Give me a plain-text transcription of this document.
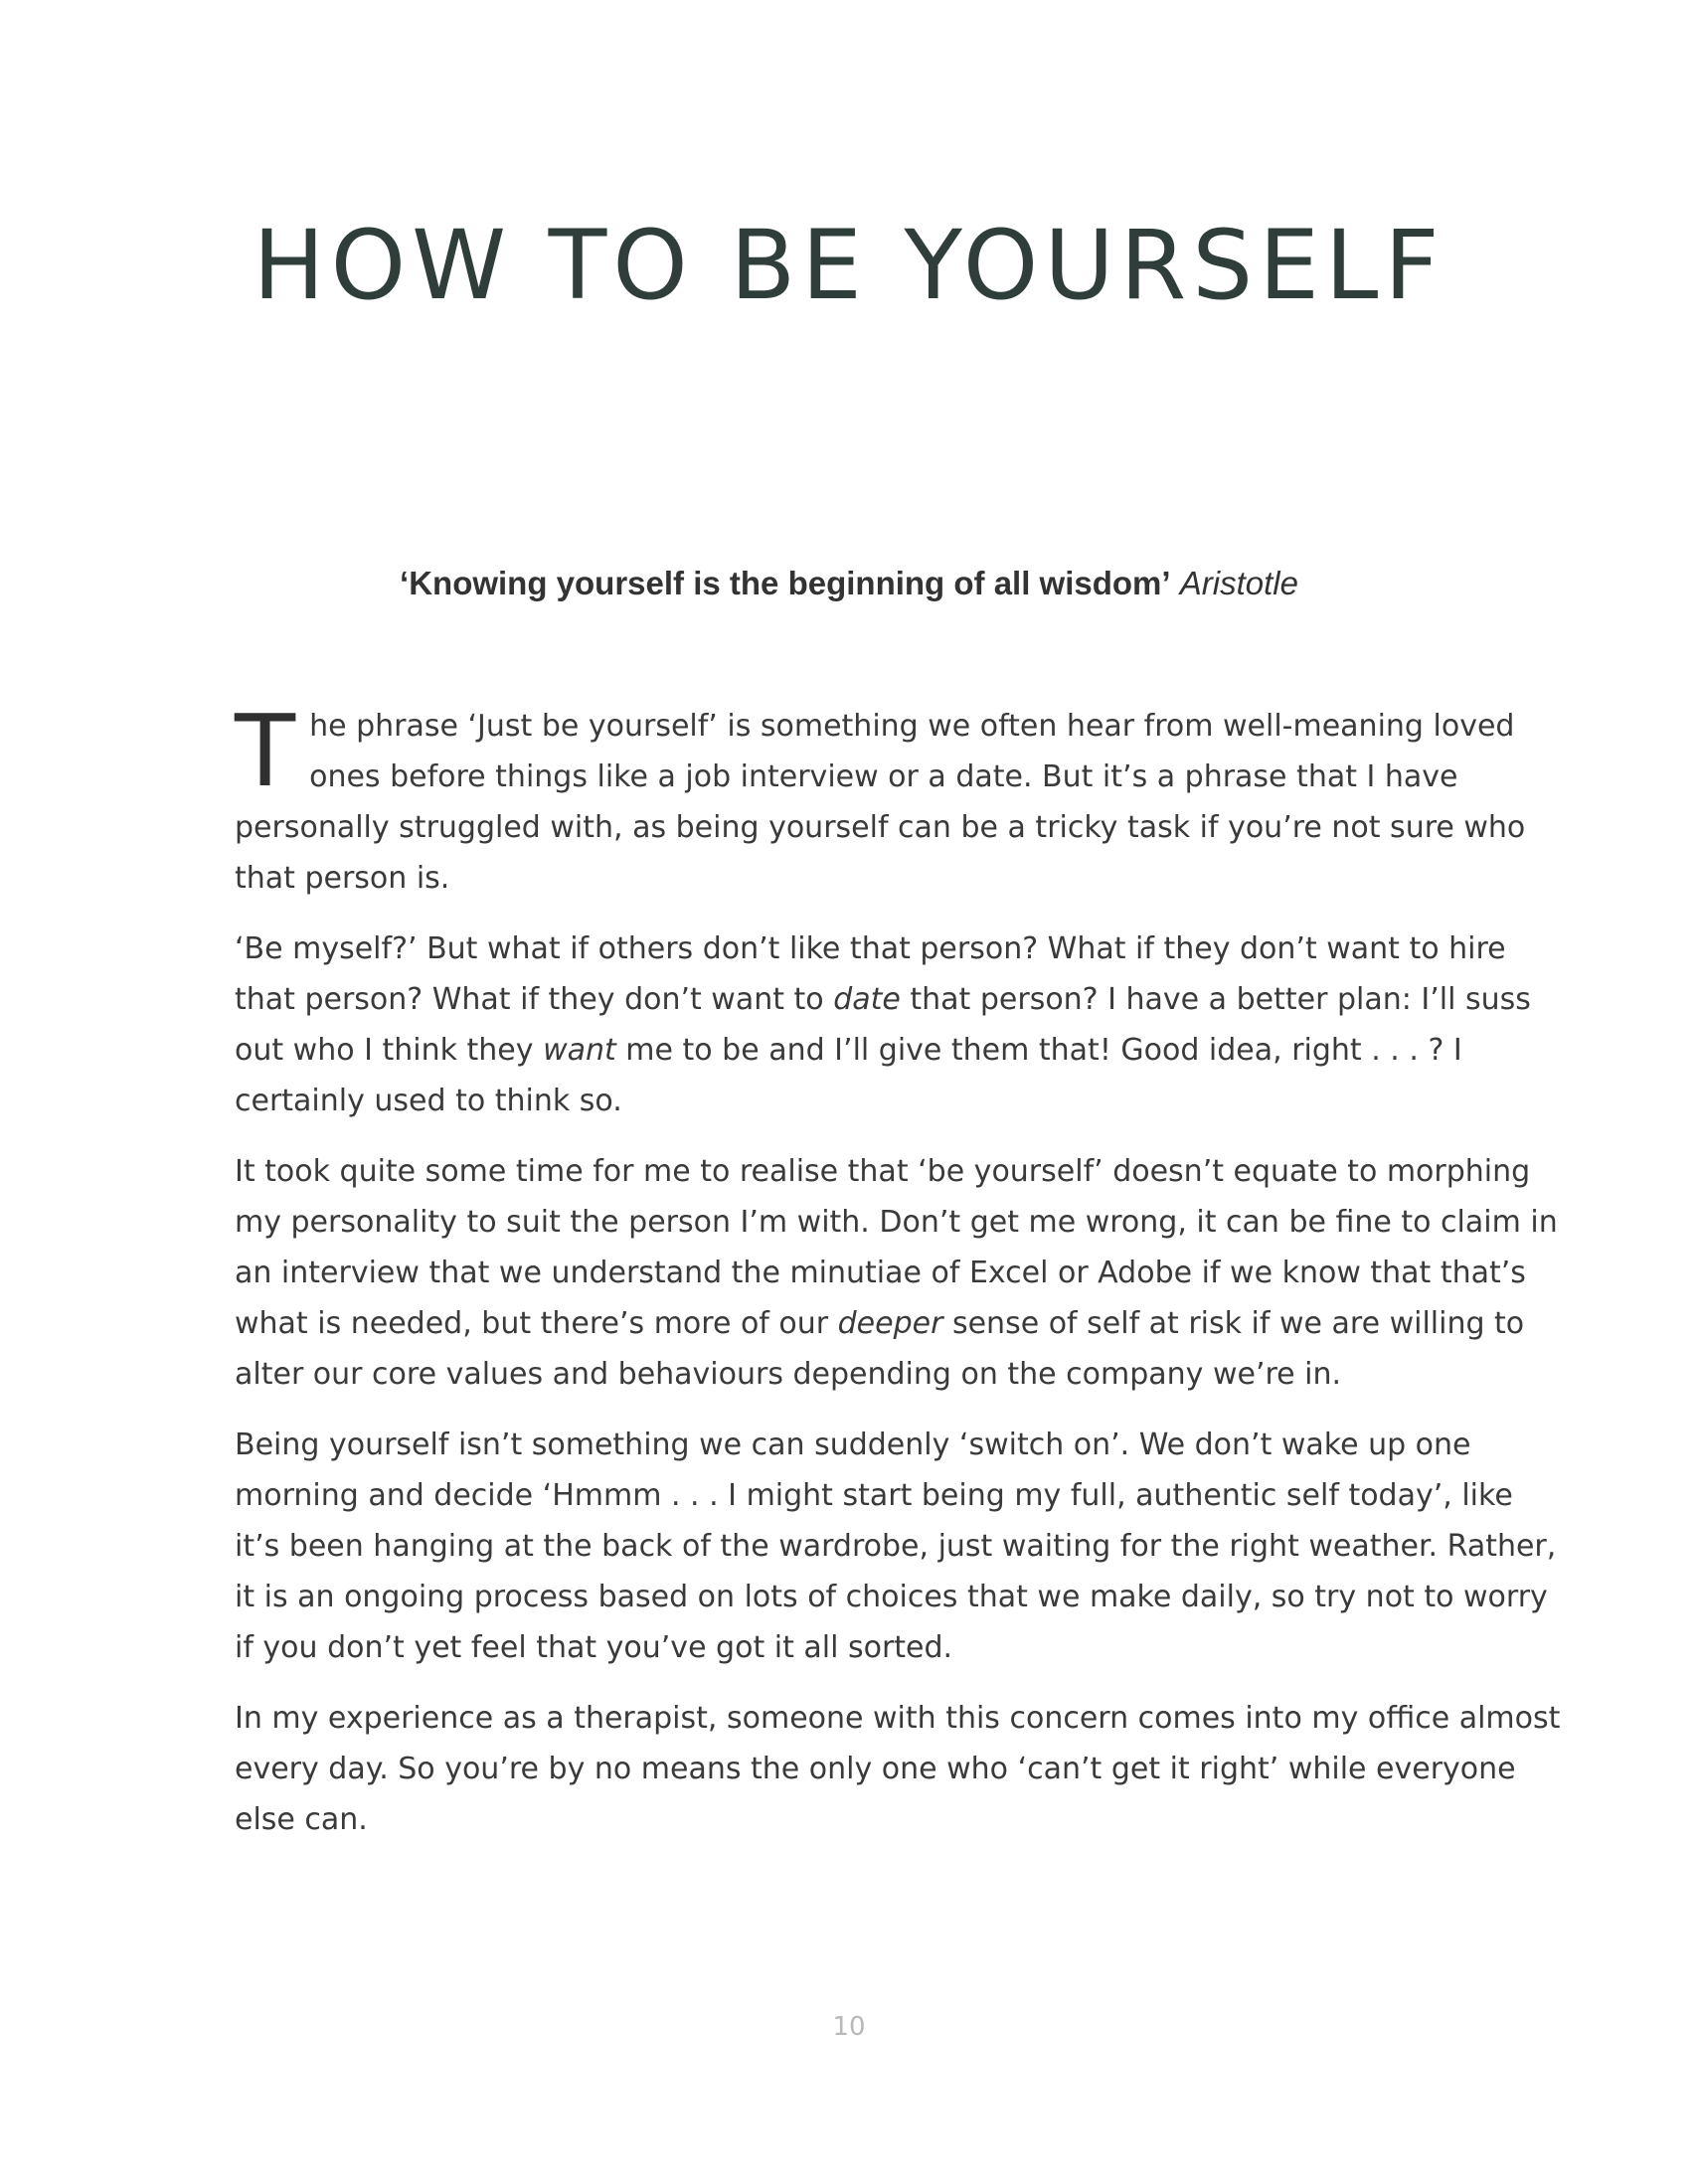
HOW TO BE YOURSELF

‘Knowing yourself is the beginning of all wisdom’ Aristotle

The phrase ‘Just be yourself’ is something we often hear from well-meaning loved ones before things like a job interview or a date. But it’s a phrase that I have personally struggled with, as being yourself can be a tricky task if you’re not sure who that person is.

‘Be myself?’ But what if others don’t like that person? What if they don’t want to hire that person? What if they don’t want to date that person? I have a better plan: I’ll suss out who I think they want me to be and I’ll give them that! Good idea, right . . . ? I certainly used to think so.

It took quite some time for me to realise that ‘be yourself’ doesn’t equate to morphing my personality to suit the person I’m with. Don’t get me wrong, it can be fine to claim in an interview that we understand the minutiae of Excel or Adobe if we know that that’s what is needed, but there’s more of our deeper sense of self at risk if we are willing to alter our core values and behaviours depending on the company we’re in.

Being yourself isn’t something we can suddenly ‘switch on’. We don’t wake up one morning and decide ‘Hmmm . . . I might start being my full, authentic self today’, like it’s been hanging at the back of the wardrobe, just waiting for the right weather. Rather, it is an ongoing process based on lots of choices that we make daily, so try not to worry if you don’t yet feel that you’ve got it all sorted.

In my experience as a therapist, someone with this concern comes into my office almost every day. So you’re by no means the only one who ‘can’t get it right’ while everyone else can.

10
